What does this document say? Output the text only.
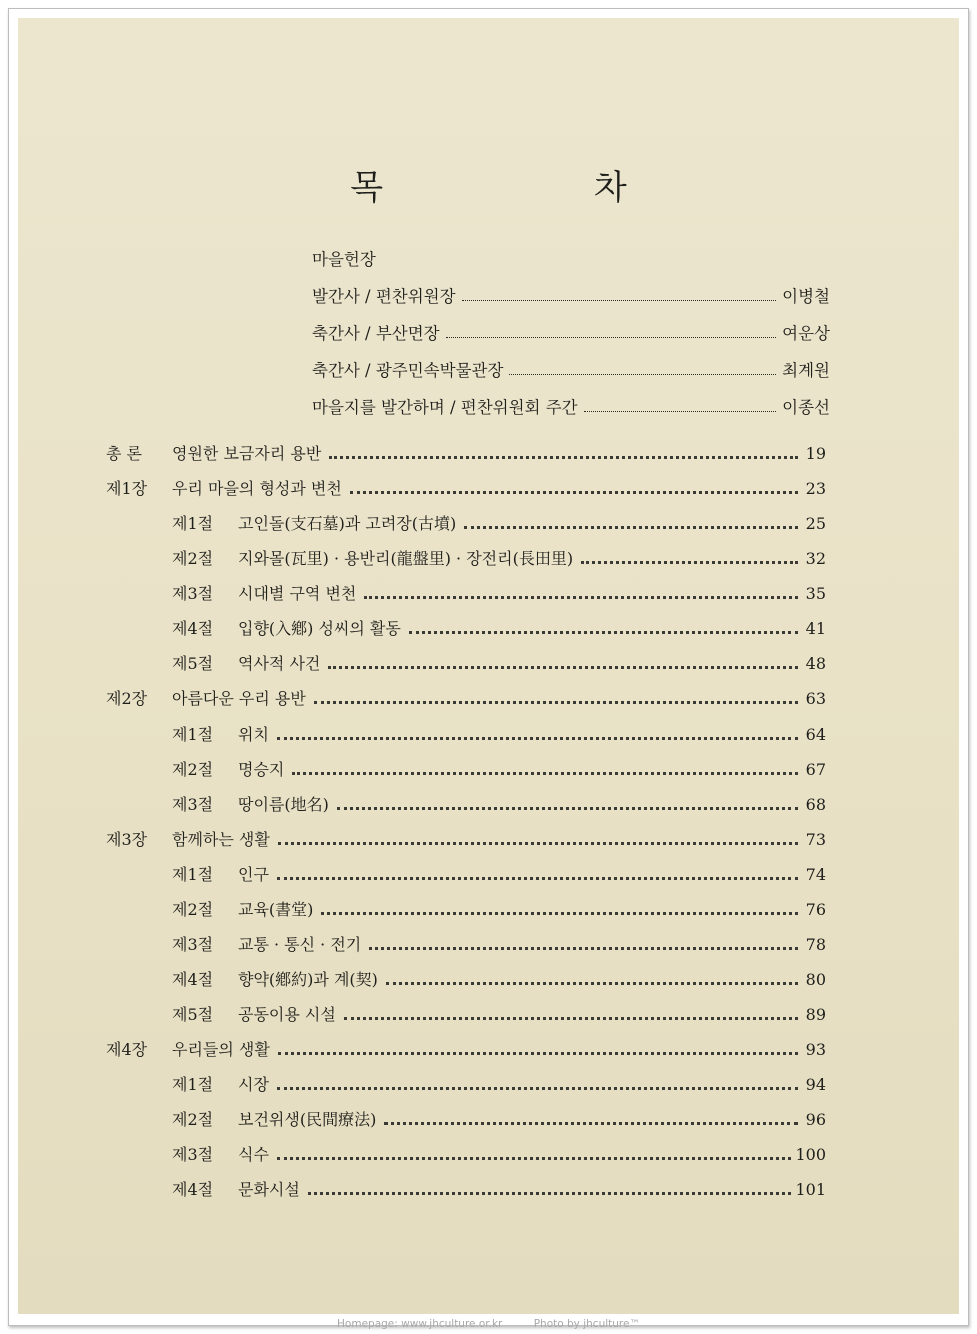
목 차
마을헌장
발간사 / 편찬위원장	이병철
축간사 / 부산면장	여운상
축간사 / 광주민속박물관장	최계원
마을지를 발간하며 / 편찬위원회 주간	이종선
총 론	영원한 보금자리 용반	19
제1장	우리 마을의 형성과 변천	23
제1절	고인돌(支石墓)과 고려장(古墳)	25
제2절	지와몰(瓦里) · 용반리(龍盤里) · 장전리(長田里)	32
제3절	시대별 구역 변천	35
제4절	입향(入鄕) 성씨의 활동	41
제5절	역사적 사건	48
제2장	아름다운 우리 용반	63
제1절	위치	64
제2절	명승지	67
제3절	땅이름(地名)	68
제3장	함께하는 생활	73
제1절	인구	74
제2절	교육(書堂)	76
제3절	교통 · 통신 · 전기	78
제4절	향약(鄕約)과 계(契)	80
제5절	공동이용 시설	89
제4장	우리들의 생활	93
제1절	시장	94
제2절	보건위생(民間療法)	96
제3절	식수	100
제4절	문화시설	101
Homepage: www.jhculture.or.kr	Photo by jhculture™
